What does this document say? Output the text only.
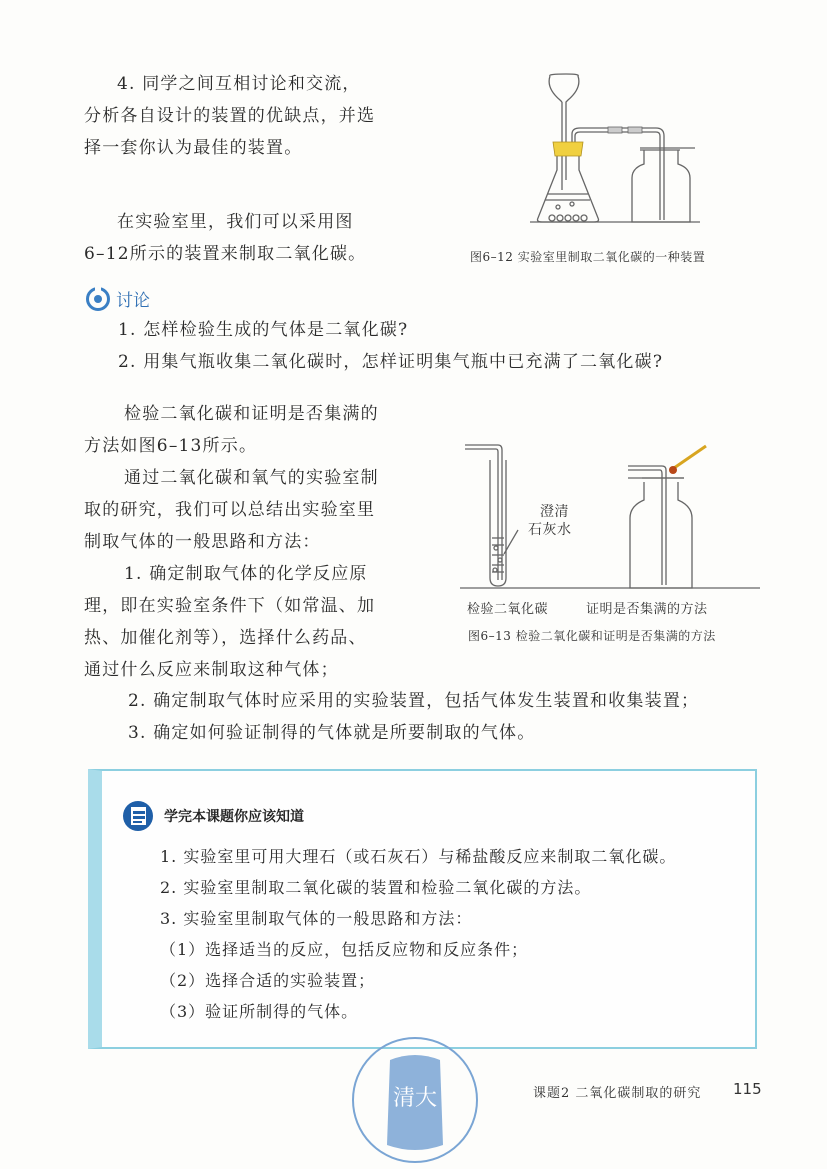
4. 同学之间互相讨论和交流，

分析各自设计的装置的优缺点，并选

择一套你认为最佳的装置。

在实验室里，我们可以采用图

6–12所示的装置来制取二氧化碳。	图6–12 实验室里制取二氧化碳的一种装置
讨论

1. 怎样检验生成的气体是二氧化碳?

2. 用集气瓶收集二氧化碳时，怎样证明集气瓶中已充满了二氧化碳?

检验二氧化碳和证明是否集满的

方法如图6–13所示。

通过二氧化碳和氧气的实验室制

取的研究，我们可以总结出实验室里

制取气体的一般思路和方法：

1. 确定制取气体的化学反应原

理，即在实验室条件下（如常温、加

热、加催化剂等），选择什么药品、

通过什么反应来制取这种气体；

2. 确定制取气体时应采用的实验装置，包括气体发生装置和收集装置；

3. 确定如何验证制得的气体就是所要制取的气体。

澄清
石灰水
检验二氧化碳	证明是否集满的方法
图6–13 检验二氧化碳和证明是否集满的方法
学完本课题你应该知道

1. 实验室里可用大理石（或石灰石）与稀盐酸反应来制取二氧化碳。

2. 实验室里制取二氧化碳的装置和检验二氧化碳的方法。

3. 实验室里制取气体的一般思路和方法：

（1）选择适当的反应，包括反应物和反应条件；

（2）选择合适的实验装置；

（3）验证所制得的气体。

清大	课题2 二氧化碳制取的研究 115
